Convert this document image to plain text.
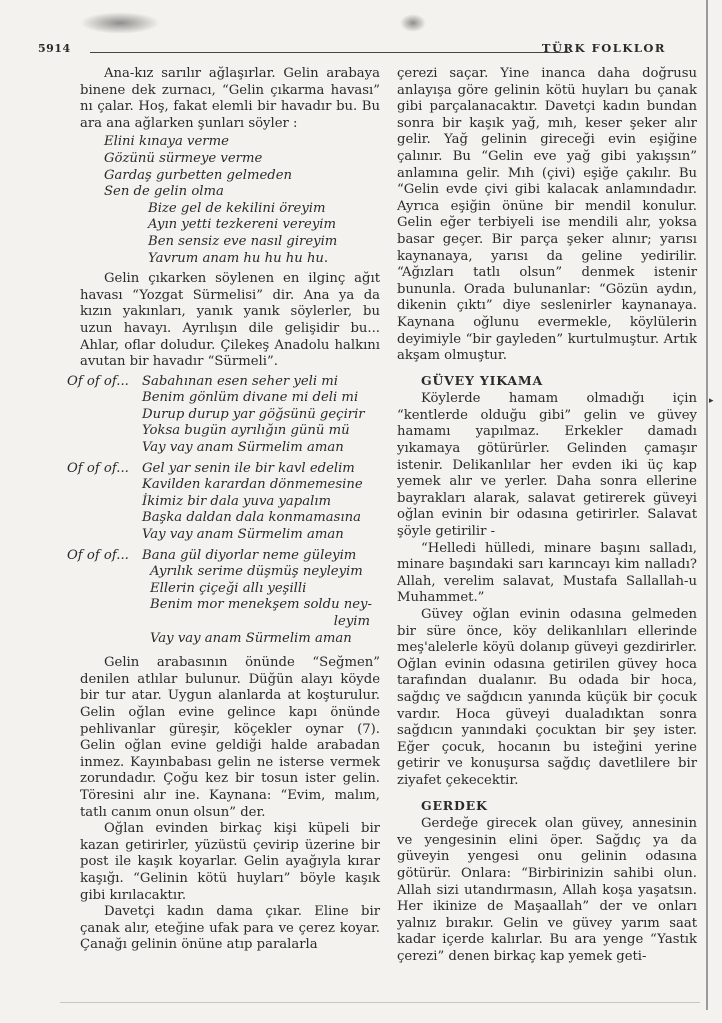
5914	TÜRK FOLKLOR
▸

Ana-kız sarılır ağlaşırlar. Gelin arabaya binene dek zurnacı, “Gelin çıkarma havası” nı çalar. Hoş, fakat elemli bir havadır bu. Bu ara ana ağlarken şunları söyler :

Elini kınaya verme
Gözünü sürmeye verme
Gardaş gurbetten gelmeden
Sen de gelin olma
Bize gel de kekilini öreyim
Ayın yetti tezkereni vereyim
Ben sensiz eve nasıl gireyim
Yavrum anam hu hu hu hu.

Gelin çıkarken söylenen en ilginç ağıt havası “Yozgat Sürmelisi” dir. Ana ya da kızın yakınları, yanık yanık söylerler, bu uzun havayı. Ayrılışın dile gelişidir bu... Ahlar, oflar doludur. Çilekeş Anadolu halkını avutan bir havadır “Sürmeli”.

Of of of... Sabahınan esen seher yeli mi
Benim gönlüm divane mi deli mi
Durup durup yar göğsünü geçirir
Yoksa bugün ayrılığın günü mü
Vay vay anam Sürmelim aman
Of of of... Gel yar senin ile bir kavl edelim
Kavilden karardan dönmemesine
İkimiz bir dala yuva yapalım
Başka daldan dala konmamasına
Vay vay anam Sürmelim aman
Of of of... Bana gül diyorlar neme güleyim
Ayrılık serime düşmüş neyleyim
Ellerin çiçeği allı yeşilli
Benim mor menekşem soldu ney-
leyim
Vay vay anam Sürmelim aman

Gelin arabasının önünde “Seğmen” denilen atlılar bulunur. Düğün alayı köyde bir tur atar. Uygun alanlarda at koşturulur. Gelin oğlan evine gelince kapı önünde pehlivanlar güreşir, köçekler oynar (7). Gelin oğlan evine geldiği halde arabadan inmez. Kayınbabası gelin ne isterse vermek zorundadır. Çoğu kez bir tosun ister gelin. Töresini alır ine. Kaynana: “Evim, malım, tatlı canım onun olsun” der.

Oğlan evinden birkaç kişi küpeli bir kazan getirirler, yüzüstü çevirip üzerine bir post ile kaşık koyarlar. Gelin ayağıyla kırar kaşığı. “Gelinin kötü huyları” böyle kaşık gibi kırılacaktır.

Davetçi kadın dama çıkar. Eline bir çanak alır, eteğine ufak para ve çerez koyar. Çanağı gelinin önüne atıp paralarla

çerezi saçar. Yine inanca daha doğrusu anlayışa göre gelinin kötü huyları bu çanak gibi parçalanacaktır. Davetçi kadın bundan sonra bir kaşık yağ, mıh, keser şeker alır gelir. Yağ gelinin gireceği evin eşiğine çalınır. Bu “Gelin eve yağ gibi yakışsın” anlamına gelir. Mıh (çivi) eşiğe çakılır. Bu “Gelin evde çivi gibi kalacak anlamındadır. Ayrıca eşiğin önüne bir mendil konulur. Gelin eğer terbiyeli ise mendili alır, yoksa basar geçer. Bir parça şeker alınır; yarısı kaynanaya, yarısı da geline yedirilir. “Ağızları tatlı olsun” denmek istenir bununla. Orada bulunanlar: “Gözün aydın, dikenin çıktı” diye seslenirler kaynanaya. Kaynana oğlunu evermekle, köylülerin deyimiyle “bir gayleden” kurtulmuştur. Artık akşam olmuştur.

GÜVEY YIKAMA

Köylerde hamam olmadığı için “kentlerde olduğu gibi” gelin ve güvey hamamı yapılmaz. Erkekler damadı yıkamaya götürürler. Gelinden çamaşır istenir. Delikanlılar her evden iki üç kap yemek alır ve yerler. Daha sonra ellerine bayrakları alarak, salavat getirerek güveyi oğlan evinin bir odasına getirirler. Salavat şöyle getirilir -

“Helledi hülledi, minare başını salladı, minare başındaki sarı karıncayı kim nalladı? Allah, verelim salavat, Mustafa Sallallah-u Muhammet.”

Güvey oğlan evinin odasına gelmeden bir süre önce, köy delikanlıları ellerinde meş'alelerle köyü dolanıp güveyi gezdirirler. Oğlan evinin odasına getirilen güvey hoca tarafından dualanır. Bu odada bir hoca, sağdıç ve sağdıcın yanında küçük bir çocuk vardır. Hoca güveyi dualadıktan sonra sağdıcın yanındaki çocuktan bir şey ister. Eğer çocuk, hocanın bu isteğini yerine getirir ve konuşursa sağdıç davetlilere bir ziyafet çekecektir.

GERDEK

Gerdeğe girecek olan güvey, annesinin ve yengesinin elini öper. Sağdıç ya da güveyin yengesi onu gelinin odasına götürür. Onlara: “Birbirinizin sahibi olun. Allah sizi utandırmasın, Allah koşa yaşatsın. Her ikinize de Maşaallah” der ve onları yalnız bırakır. Gelin ve güvey yarım saat kadar içerde kalırlar. Bu ara yenge “Yastık çerezi” denen birkaç kap yemek geti-
